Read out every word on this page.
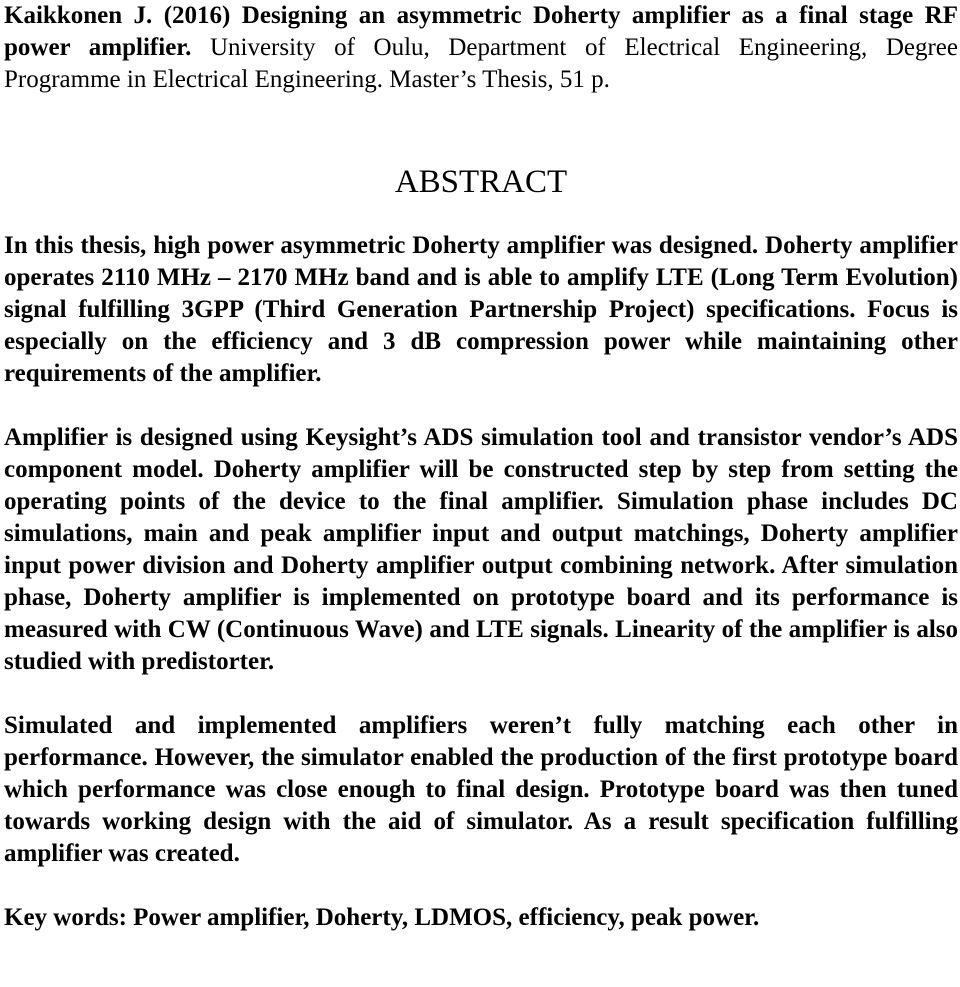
Kaikkonen J. (2016) Designing an asymmetric Doherty amplifier as a final stage RF power amplifier. University of Oulu, Department of Electrical Engineering, Degree Programme in Electrical Engineering. Master’s Thesis, 51 p.

ABSTRACT

In this thesis, high power asymmetric Doherty amplifier was designed. Doherty amplifier operates 2110 MHz – 2170 MHz band and is able to amplify LTE (Long Term Evolution) signal fulfilling 3GPP (Third Generation Partnership Project) specifications. Focus is especially on the efficiency and 3 dB compression power while maintaining other requirements of the amplifier.

Amplifier is designed using Keysight’s ADS simulation tool and transistor vendor’s ADS component model. Doherty amplifier will be constructed step by step from setting the operating points of the device to the final amplifier. Simulation phase includes DC simulations, main and peak amplifier input and output matchings, Doherty amplifier input power division and Doherty amplifier output combining network. After simulation phase, Doherty amplifier is implemented on prototype board and its performance is measured with CW (Continuous Wave) and LTE signals. Linearity of the amplifier is also studied with predistorter.

Simulated and implemented amplifiers weren’t fully matching each other in performance. However, the simulator enabled the production of the first prototype board which performance was close enough to final design. Prototype board was then tuned towards working design with the aid of simulator. As a result specification fulfilling amplifier was created.

Key words: Power amplifier, Doherty, LDMOS, efficiency, peak power.
